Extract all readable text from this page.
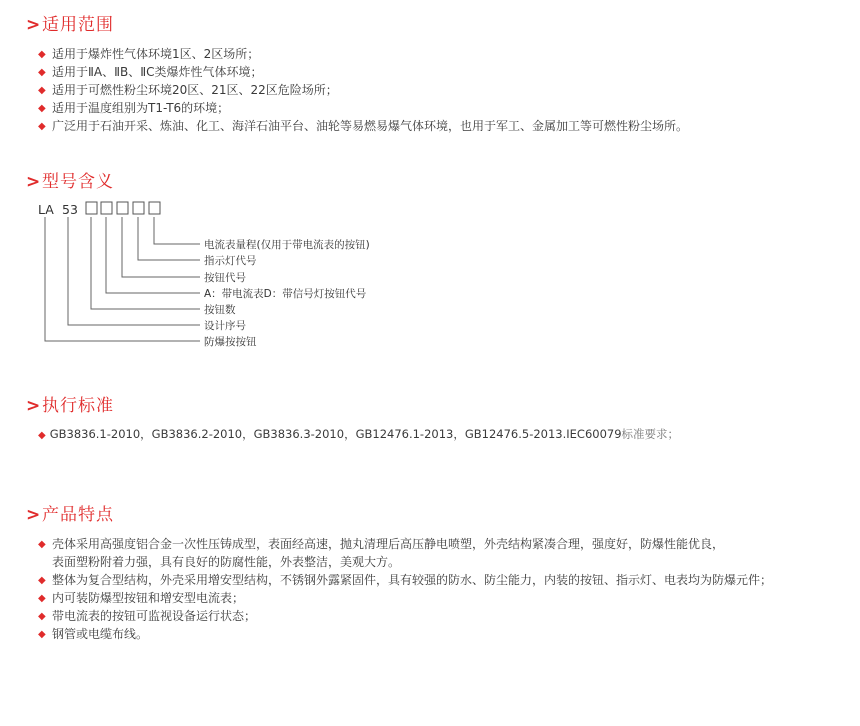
>适用范围
◆ 适用于爆炸性气体环境1区、2区场所；
◆ 适用于ⅡA、ⅡB、ⅡC类爆炸性气体环境；
◆ 适用于可燃性粉尘环境20区、21区、22区危险场所；
◆ 适用于温度组别为T1-T6的环境；
◆ 广泛用于石油开采、炼油、化工、海洋石油平台、油轮等易燃易爆气体环境，也用于军工、金属加工等可燃性粉尘场所。
>型号含义
LA 53
电流表量程(仅用于带电流表的按钮)
指示灯代号
按钮代号
A：带电流表D：带信号灯按钮代号
按钮数
设计序号
防爆按按钮
>执行标准
◆ GB3836.1-2010，GB3836.2-2010，GB3836.3-2010，GB12476.1-2013，GB12476.5-2013.IEC60079标准要求；
>产品特点
◆ 壳体采用高强度铝合金一次性压铸成型，表面经高速，抛丸清理后高压静电喷塑，外壳结构紧凑合理，强度好，防爆性能优良，
表面塑粉附着力强，具有良好的防腐性能，外表整洁，美观大方。
◆ 整体为复合型结构，外壳采用增安型结构，不锈钢外露紧固件，具有较强的防水、防尘能力，内装的按钮、指示灯、电表均为防爆元件；
◆ 内可装防爆型按钮和增安型电流表；
◆ 带电流表的按钮可监视设备运行状态；
◆ 钢管或电缆布线。
